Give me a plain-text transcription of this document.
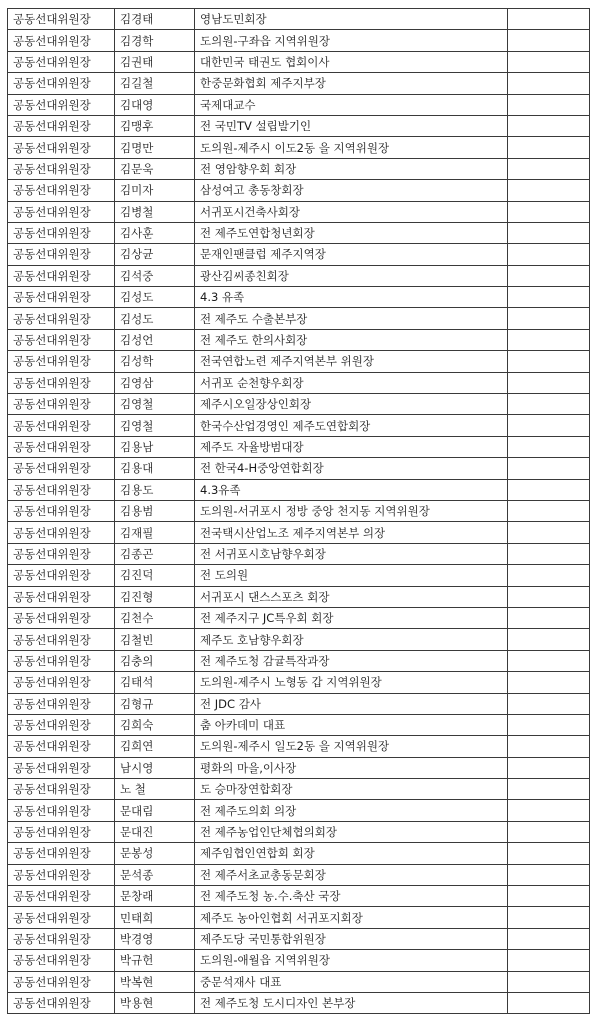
공동선대위원장	김경태	영남도민회장	
공동선대위원장	김경학	도의원-구좌읍 지역위원장	
공동선대위원장	김권태	대한민국 태권도 협회이사	
공동선대위원장	김길철	한중문화협회 제주지부장	
공동선대위원장	김대영	국제대교수	
공동선대위원장	김맹후	전 국민TV 설립발기인	
공동선대위원장	김명만	도의원-제주시 이도2동 을 지역위원장	
공동선대위원장	김문욱	전 영암향우회 회장	
공동선대위원장	김미자	삼성여고 총동창회장	
공동선대위원장	김병철	서귀포시건축사회장	
공동선대위원장	김사훈	전 제주도연합청년회장	
공동선대위원장	김상균	문재인팬클럽 제주지역장	
공동선대위원장	김석중	광산김씨종친회장	
공동선대위원장	김성도	4.3 유족	
공동선대위원장	김성도	전 제주도 수출본부장	
공동선대위원장	김성언	전 제주도 한의사회장	
공동선대위원장	김성학	전국연합노련 제주지역본부 위원장	
공동선대위원장	김영삼	서귀포 순천향우회장	
공동선대위원장	김영철	제주시오일장상인회장	
공동선대위원장	김영철	한국수산업경영인 제주도연합회장	
공동선대위원장	김용남	제주도 자율방범대장	
공동선대위원장	김용대	전 한국4-H중앙연합회장	
공동선대위원장	김용도	4.3유족	
공동선대위원장	김용범	도의원-서귀포시 정방 중앙 천지동 지역위원장	
공동선대위원장	김재필	전국택시산업노조 제주지역본부 의장	
공동선대위원장	김종곤	전 서귀포시호남향우회장	
공동선대위원장	김진덕	전 도의원	
공동선대위원장	김진형	서귀포시 댄스스포츠 회장	
공동선대위원장	김천수	전 제주지구 JC특우회 회장	
공동선대위원장	김철빈	제주도 호남향우회장	
공동선대위원장	김충의	전 제주도청 감귤특작과장	
공동선대위원장	김태석	도의원-제주시 노형동 갑 지역위원장	
공동선대위원장	김형규	전 JDC 감사	
공동선대위원장	김희숙	춤 아카데미 대표	
공동선대위원장	김희연	도의원-제주시 일도2동 을 지역위원장	
공동선대위원장	남시영	평화의 마을,이사장	
공동선대위원장	노 철	도 승마장연합회장	
공동선대위원장	문대림	전 제주도의회 의장	
공동선대위원장	문대진	전 제주농업인단체협의회장	
공동선대위원장	문봉성	제주임협인연합회 회장	
공동선대위원장	문석종	전 제주서초교총동문회장	
공동선대위원장	문창래	전 제주도청 농.수.축산 국장	
공동선대위원장	민태희	제주도 농아인협회 서귀포지회장	
공동선대위원장	박경영	제주도당 국민통합위원장	
공동선대위원장	박규헌	도의원-애월읍 지역위원장	
공동선대위원장	박복현	중문석재사 대표	
공동선대위원장	박용현	전 제주도청 도시디자인 본부장	
